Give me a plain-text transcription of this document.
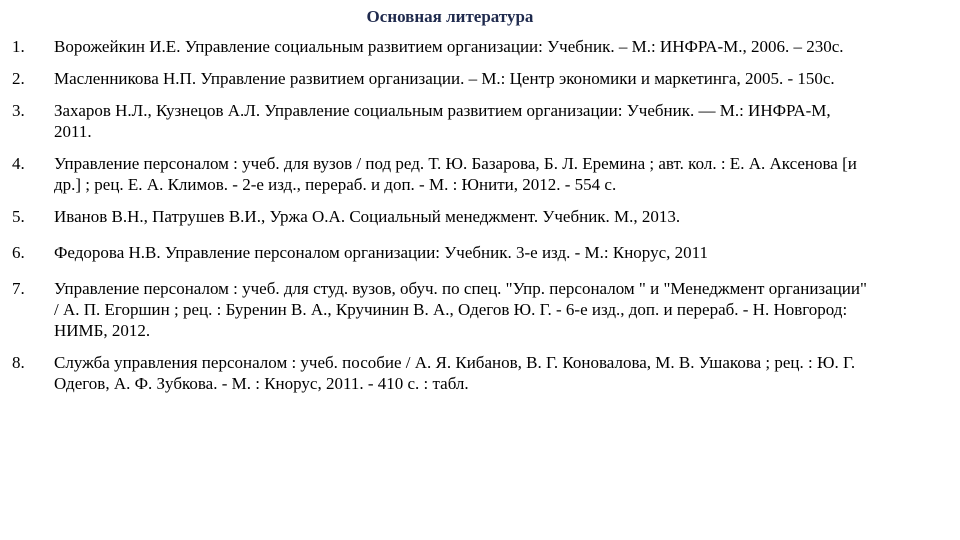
Основная литература
1. Ворожейкин И.Е. Управление социальным развитием организации: Учебник. – М.: ИНФРА-М., 2006. – 230с.
2. Масленникова Н.П. Управление развитием организации. – М.: Центр экономики и маркетинга, 2005. - 150с.
3. Захаров Н.Л., Кузнецов А.Л. Управление социальным развитием организации: Учебник. — М.: ИНФРА-М, 2011.
4. Управление персоналом : учеб. для вузов / под ред. Т. Ю. Базарова, Б. Л. Еремина ; авт. кол. : Е. А. Аксенова [и др.] ; рец. Е. А. Климов. - 2-е изд., перераб. и доп. - М. : Юнити, 2012. - 554 с.
5. Иванов В.Н., Патрушев В.И., Уржа О.А. Социальный менеджмент. Учебник. М., 2013.
6. Федорова Н.В. Управление персоналом организации: Учебник. 3-е изд. - М.: Кнорус, 2011
7. Управление персоналом : учеб. для студ. вузов, обуч. по спец. "Упр. персоналом " и "Менеджмент организации" / А. П. Егоршин ; рец. : Буренин В. А., Кручинин В. А., Одегов Ю. Г. - 6-е изд., доп. и перераб. - Н. Новгород: НИМБ, 2012.
8. Служба управления персоналом : учеб. пособие / А. Я. Кибанов, В. Г. Коновалова, М. В. Ушакова ; рец. : Ю. Г. Одегов, А. Ф. Зубкова. - М. : Кнорус, 2011. - 410 с. : табл.
